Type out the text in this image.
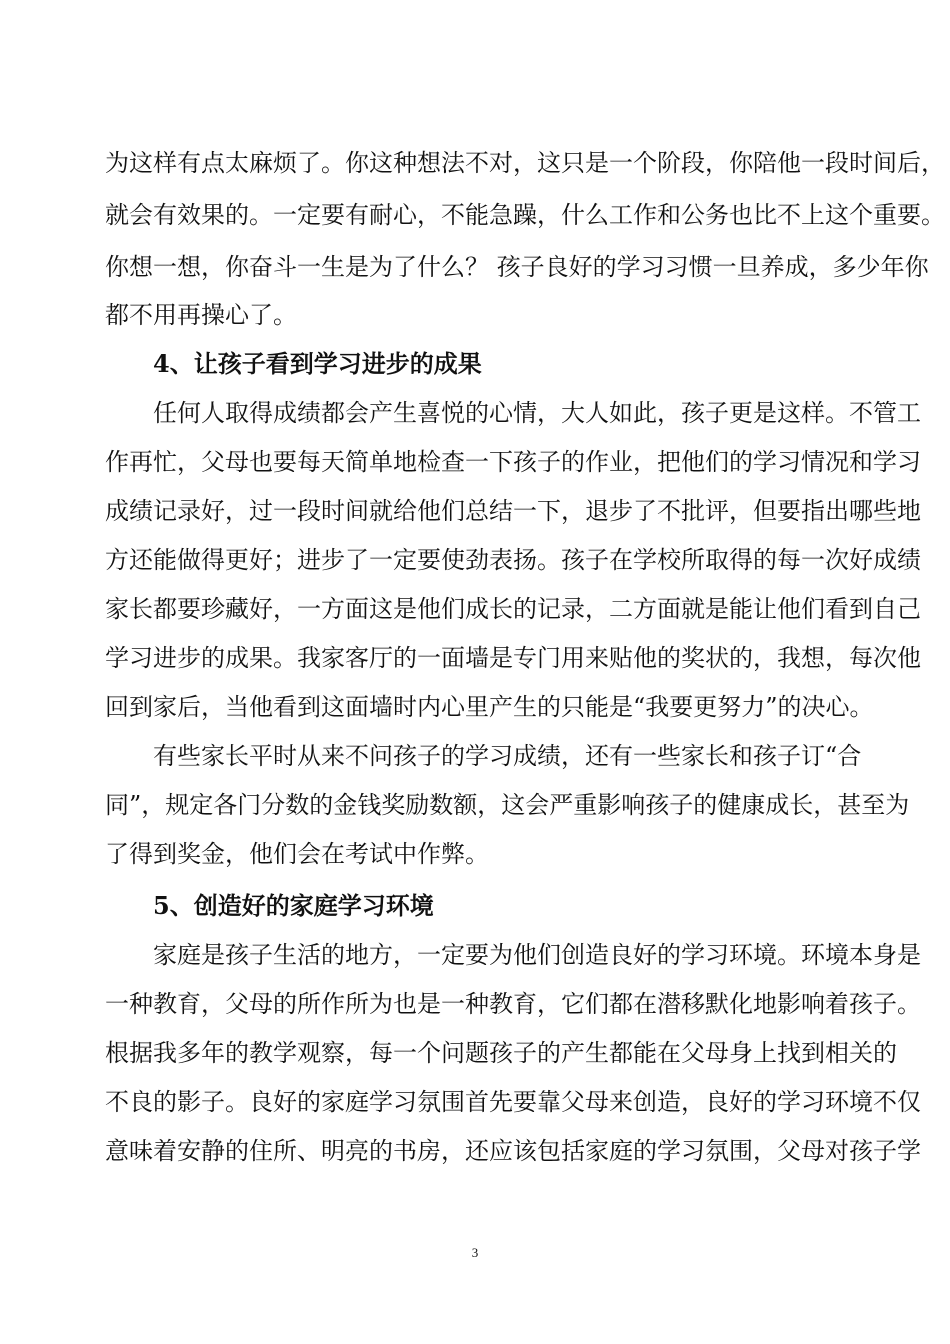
为这样有点太麻烦了。你这种想法不对，这只是一个阶段，你陪他一段时间后，
就会有效果的。一定要有耐心，不能急躁，什么工作和公务也比不上这个重要。
你想一想，你奋斗一生是为了什么？ 孩子良好的学习习惯一旦养成，多少年你
都不用再操心了。
4、让孩子看到学习进步的成果
任何人取得成绩都会产生喜悦的心情，大人如此，孩子更是这样。不管工
作再忙，父母也要每天简单地检查一下孩子的作业，把他们的学习情况和学习
成绩记录好，过一段时间就给他们总结一下，退步了不批评，但要指出哪些地
方还能做得更好；进步了一定要使劲表扬。孩子在学校所取得的每一次好成绩
家长都要珍藏好，一方面这是他们成长的记录，二方面就是能让他们看到自己
学习进步的成果。我家客厅的一面墙是专门用来贴他的奖状的，我想，每次他
回到家后，当他看到这面墙时内心里产生的只能是“我要更努力”的决心。
有些家长平时从来不问孩子的学习成绩，还有一些家长和孩子订“合
同”，规定各门分数的金钱奖励数额，这会严重影响孩子的健康成长，甚至为
了得到奖金，他们会在考试中作弊。
5、创造好的家庭学习环境
家庭是孩子生活的地方，一定要为他们创造良好的学习环境。环境本身是
一种教育，父母的所作所为也是一种教育，它们都在潜移默化地影响着孩子。
根据我多年的教学观察，每一个问题孩子的产生都能在父母身上找到相关的
不良的影子。良好的家庭学习氛围首先要靠父母来创造，良好的学习环境不仅
意味着安静的住所、明亮的书房，还应该包括家庭的学习氛围，父母对孩子学
3
